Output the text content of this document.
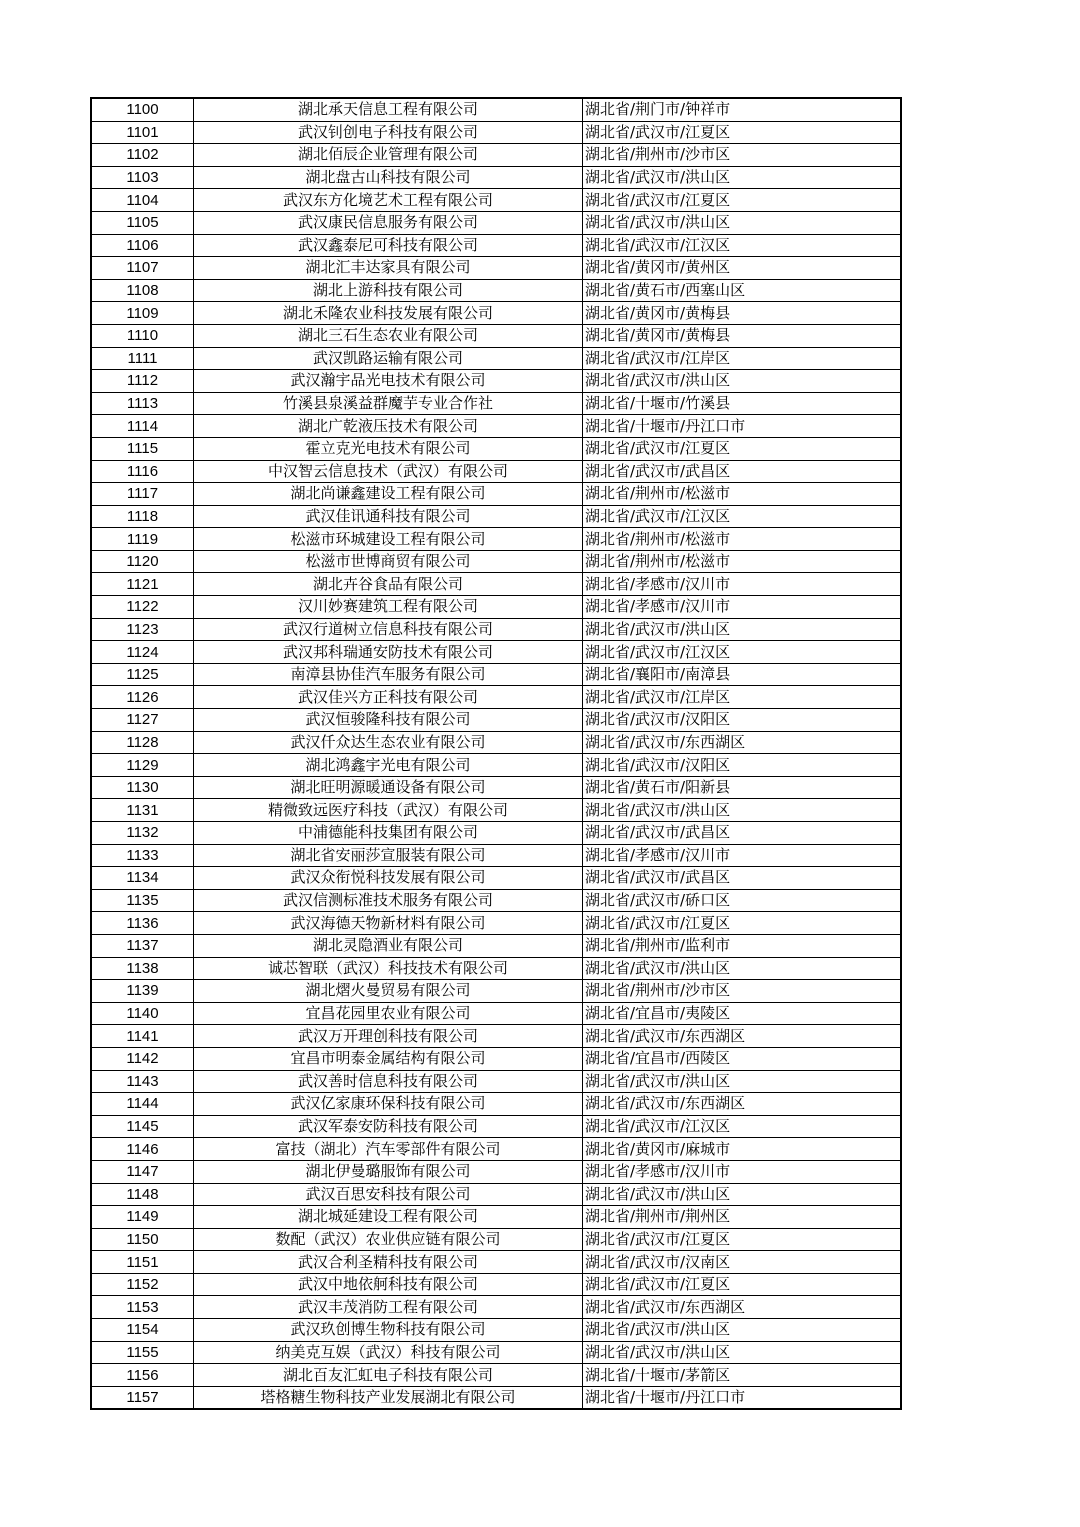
1100	湖北承天信息工程有限公司	湖北省/荆门市/钟祥市
1101	武汉钊创电子科技有限公司	湖北省/武汉市/江夏区
1102	湖北佰辰企业管理有限公司	湖北省/荆州市/沙市区
1103	湖北盘古山科技有限公司	湖北省/武汉市/洪山区
1104	武汉东方化境艺术工程有限公司	湖北省/武汉市/江夏区
1105	武汉康民信息服务有限公司	湖北省/武汉市/洪山区
1106	武汉鑫泰尼可科技有限公司	湖北省/武汉市/江汉区
1107	湖北汇丰达家具有限公司	湖北省/黄冈市/黄州区
1108	湖北上游科技有限公司	湖北省/黄石市/西塞山区
1109	湖北禾隆农业科技发展有限公司	湖北省/黄冈市/黄梅县
1110	湖北三石生态农业有限公司	湖北省/黄冈市/黄梅县
1111	武汉凯路运输有限公司	湖北省/武汉市/江岸区
1112	武汉瀚宇品光电技术有限公司	湖北省/武汉市/洪山区
1113	竹溪县泉溪益群魔芋专业合作社	湖北省/十堰市/竹溪县
1114	湖北广乾液压技术有限公司	湖北省/十堰市/丹江口市
1115	霍立克光电技术有限公司	湖北省/武汉市/江夏区
1116	中汉智云信息技术（武汉）有限公司	湖北省/武汉市/武昌区
1117	湖北尚谦鑫建设工程有限公司	湖北省/荆州市/松滋市
1118	武汉佳讯通科技有限公司	湖北省/武汉市/江汉区
1119	松滋市环城建设工程有限公司	湖北省/荆州市/松滋市
1120	松滋市世博商贸有限公司	湖北省/荆州市/松滋市
1121	湖北卉谷食品有限公司	湖北省/孝感市/汉川市
1122	汉川妙赛建筑工程有限公司	湖北省/孝感市/汉川市
1123	武汉行道树立信息科技有限公司	湖北省/武汉市/洪山区
1124	武汉邦科瑞通安防技术有限公司	湖北省/武汉市/江汉区
1125	南漳县协佳汽车服务有限公司	湖北省/襄阳市/南漳县
1126	武汉佳兴方正科技有限公司	湖北省/武汉市/江岸区
1127	武汉恒骏隆科技有限公司	湖北省/武汉市/汉阳区
1128	武汉仟众达生态农业有限公司	湖北省/武汉市/东西湖区
1129	湖北鸿鑫宇光电有限公司	湖北省/武汉市/汉阳区
1130	湖北旺明源暖通设备有限公司	湖北省/黄石市/阳新县
1131	精微致远医疗科技（武汉）有限公司	湖北省/武汉市/洪山区
1132	中浦德能科技集团有限公司	湖北省/武汉市/武昌区
1133	湖北省安丽莎宣服装有限公司	湖北省/孝感市/汉川市
1134	武汉众衔悦科技发展有限公司	湖北省/武汉市/武昌区
1135	武汉信测标准技术服务有限公司	湖北省/武汉市/硚口区
1136	武汉海德天物新材料有限公司	湖北省/武汉市/江夏区
1137	湖北灵隐酒业有限公司	湖北省/荆州市/监利市
1138	诚芯智联（武汉）科技技术有限公司	湖北省/武汉市/洪山区
1139	湖北熠火曼贸易有限公司	湖北省/荆州市/沙市区
1140	宜昌花园里农业有限公司	湖北省/宜昌市/夷陵区
1141	武汉万开理创科技有限公司	湖北省/武汉市/东西湖区
1142	宜昌市明泰金属结构有限公司	湖北省/宜昌市/西陵区
1143	武汉善时信息科技有限公司	湖北省/武汉市/洪山区
1144	武汉亿家康环保科技有限公司	湖北省/武汉市/东西湖区
1145	武汉军泰安防科技有限公司	湖北省/武汉市/江汉区
1146	富技（湖北）汽车零部件有限公司	湖北省/黄冈市/麻城市
1147	湖北伊曼璐服饰有限公司	湖北省/孝感市/汉川市
1148	武汉百思安科技有限公司	湖北省/武汉市/洪山区
1149	湖北城延建设工程有限公司	湖北省/荆州市/荆州区
1150	数配（武汉）农业供应链有限公司	湖北省/武汉市/江夏区
1151	武汉合利圣精科技有限公司	湖北省/武汉市/汉南区
1152	武汉中地依舸科技有限公司	湖北省/武汉市/江夏区
1153	武汉丰茂消防工程有限公司	湖北省/武汉市/东西湖区
1154	武汉玖创博生物科技有限公司	湖北省/武汉市/洪山区
1155	纳美克互娱（武汉）科技有限公司	湖北省/武汉市/洪山区
1156	湖北百友汇虹电子科技有限公司	湖北省/十堰市/茅箭区
1157	塔格糖生物科技产业发展湖北有限公司	湖北省/十堰市/丹江口市
